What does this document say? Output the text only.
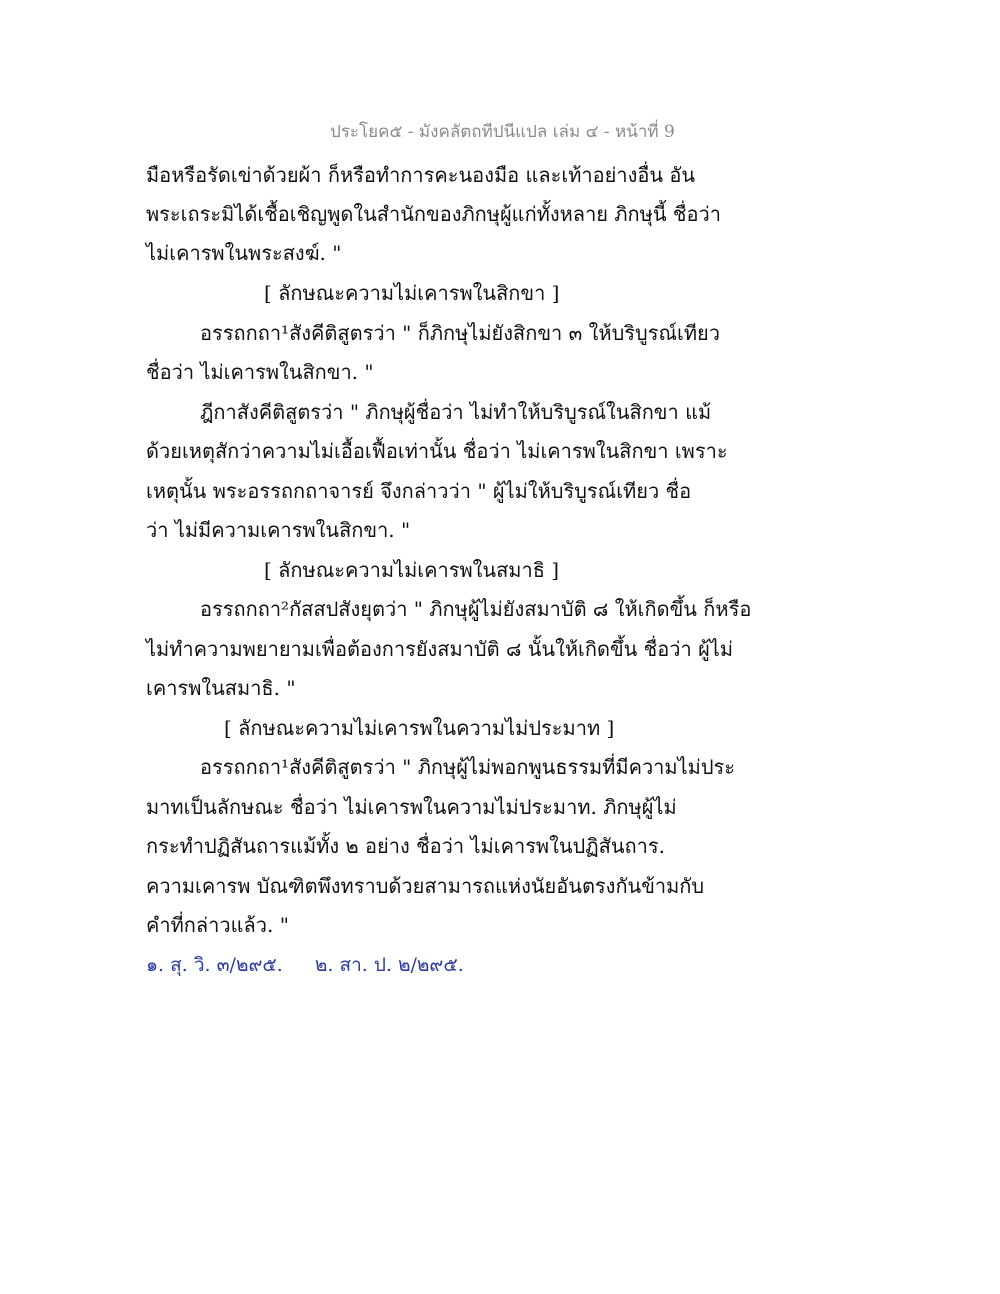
ประโยค๕ - มังคลัตถทีปนีแปล เล่ม ๔ - หน้าที่ 9
มือหรือรัดเข่าด้วยผ้า ก็หรือทำการคะนองมือ และเท้าอย่างอื่น อัน
พระเถระมิได้เชื้อเชิญพูดในสำนักของภิกษุผู้แก่ทั้งหลาย ภิกษุนี้ ชื่อว่า
ไม่เคารพในพระสงฆ์. "
[ ลักษณะความไม่เคารพในสิกขา ]
อรรถกถา¹สังคีติสูตรว่า " ก็ภิกษุไม่ยังสิกขา ๓ ให้บริบูรณ์เทียว
ชื่อว่า ไม่เคารพในสิกขา. "
ฎีกาสังคีติสูตรว่า " ภิกษุผู้ชื่อว่า ไม่ทำให้บริบูรณ์ในสิกขา แม้
ด้วยเหตุสักว่าความไม่เอื้อเฟื้อเท่านั้น ชื่อว่า ไม่เคารพในสิกขา เพราะ
เหตุนั้น พระอรรถกถาจารย์ จึงกล่าวว่า " ผู้ไม่ให้บริบูรณ์เทียว ชื่อ
ว่า ไม่มีความเคารพในสิกขา. "
[ ลักษณะความไม่เคารพในสมาธิ ]
อรรถกถา²กัสสปสังยุตว่า " ภิกษุผู้ไม่ยังสมาบัติ ๘ ให้เกิดขึ้น ก็หรือ
ไม่ทำความพยายามเพื่อต้องการยังสมาบัติ ๘ นั้นให้เกิดขึ้น ชื่อว่า ผู้ไม่
เคารพในสมาธิ. "
[ ลักษณะความไม่เคารพในความไม่ประมาท ]
อรรถกถา¹สังคีติสูตรว่า " ภิกษุผู้ไม่พอกพูนธรรมที่มีความไม่ประ
มาทเป็นลักษณะ ชื่อว่า ไม่เคารพในความไม่ประมาท. ภิกษุผู้ไม่
กระทำปฏิสันถารแม้ทั้ง ๒ อย่าง ชื่อว่า ไม่เคารพในปฏิสันถาร.
ความเคารพ บัณฑิตพึงทราบด้วยสามารถแห่งนัยอันตรงกันข้ามกับ
คำที่กล่าวแล้ว. "
๑. สุ. วิ. ๓/๒๙๕. ๒. สา. ป. ๒/๒๙๕.
